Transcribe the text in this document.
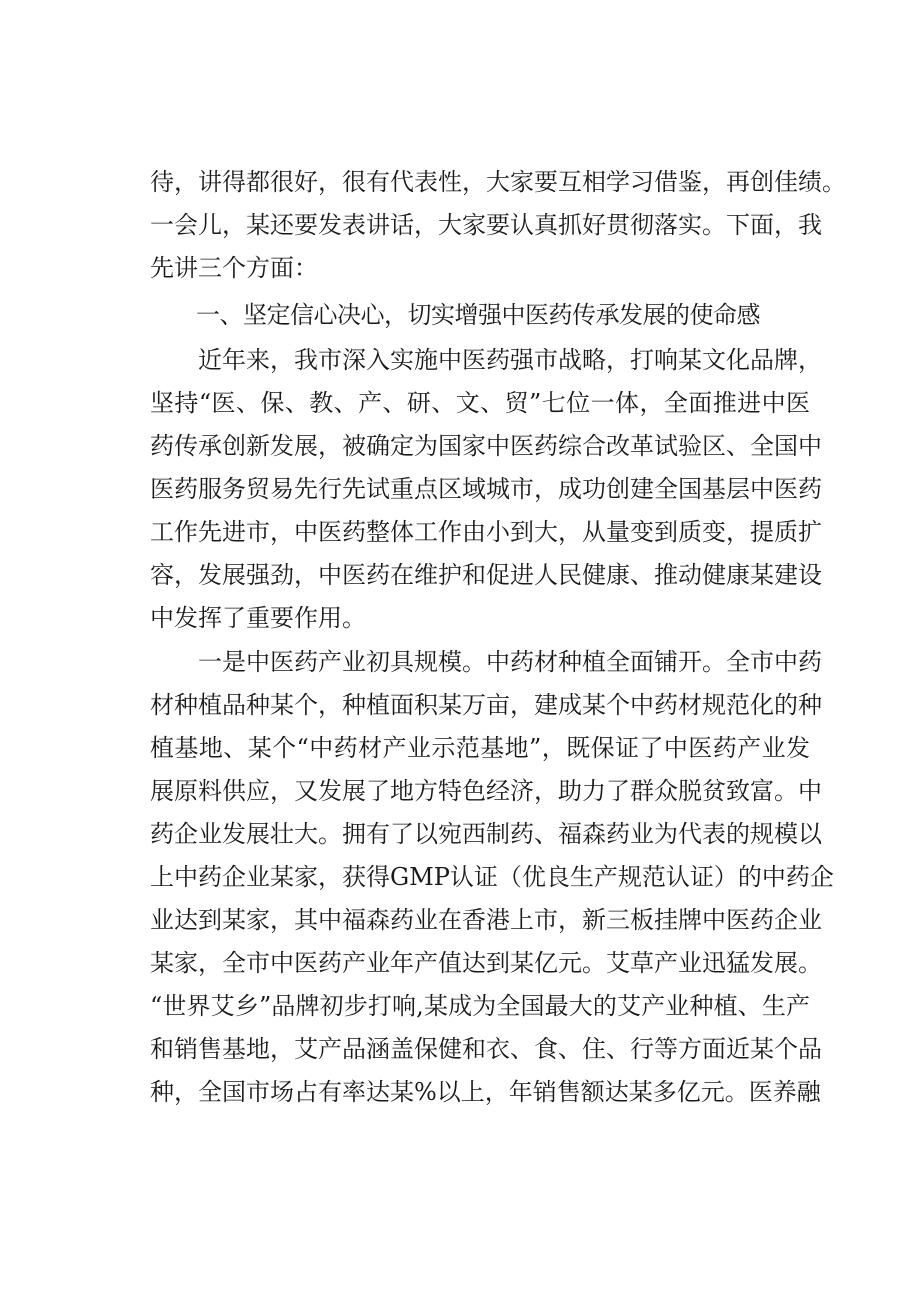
待，讲得都很好，很有代表性，大家要互相学习借鉴，再创佳绩。
一会儿，某还要发表讲话，大家要认真抓好贯彻落实。下面，我
先讲三个方面：
一、坚定信心决心，切实增强中医药传承发展的使命感
近年来，我市深入实施中医药强市战略，打响某文化品牌，
坚持“医、保、教、产、研、文、贸”七位一体，全面推进中医
药传承创新发展，被确定为国家中医药综合改革试验区、全国中
医药服务贸易先行先试重点区域城市，成功创建全国基层中医药
工作先进市，中医药整体工作由小到大，从量变到质变，提质扩
容，发展强劲，中医药在维护和促进人民健康、推动健康某建设
中发挥了重要作用。
一是中医药产业初具规模。中药材种植全面铺开。全市中药
材种植品种某个，种植面积某万亩，建成某个中药材规范化的种
植基地、某个“中药材产业示范基地”，既保证了中医药产业发
展原料供应，又发展了地方特色经济，助力了群众脱贫致富。中
药企业发展壮大。拥有了以宛西制药、福森药业为代表的规模以
上中药企业某家，获得GMP认证（优良生产规范认证）的中药企
业达到某家，其中福森药业在香港上市，新三板挂牌中医药企业
某家，全市中医药产业年产值达到某亿元。艾草产业迅猛发展。
“世界艾乡”品牌初步打响,某成为全国最大的艾产业种植、生产
和销售基地，艾产品涵盖保健和衣、食、住、行等方面近某个品
种，全国市场占有率达某%以上，年销售额达某多亿元。医养融
